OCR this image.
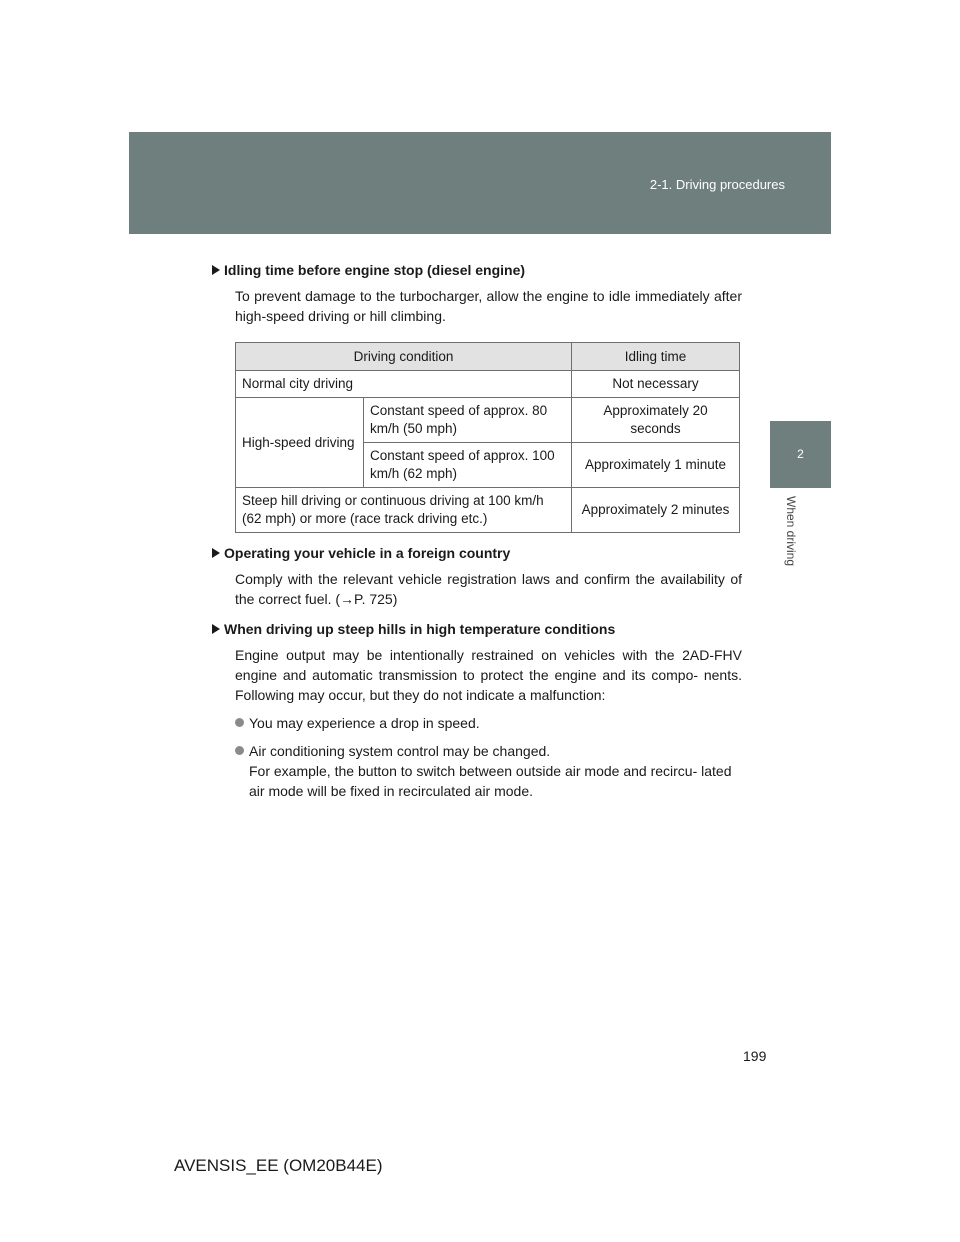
2-1. Driving procedures
2
When driving

Idling time before engine stop (diesel engine)

To prevent damage to the turbocharger, allow the engine to idle immediately after high-speed driving or hill climbing.

Driving condition		Idling time
Normal city driving		Not necessary
High-speed driving	Constant speed of approx. 80 km/h (50 mph)	Approximately 20 seconds
	Constant speed of approx. 100 km/h (62 mph)	Approximately 1 minute
Steep hill driving or continuous driving at 100 km/h (62 mph) or more (race track driving etc.)		Approximately 2 minutes

Operating your vehicle in a foreign country

Comply with the relevant vehicle registration laws and confirm the availability of the correct fuel. (→P. 725)

When driving up steep hills in high temperature conditions

Engine output may be intentionally restrained on vehicles with the 2AD-FHV engine and automatic transmission to protect the engine and its compo- nents. Following may occur, but they do not indicate a malfunction:

You may experience a drop in speed.
Air conditioning system control may be changed.
For example, the button to switch between outside air mode and recircu- lated air mode will be fixed in recirculated air mode.
199
AVENSIS_EE (OM20B44E)
